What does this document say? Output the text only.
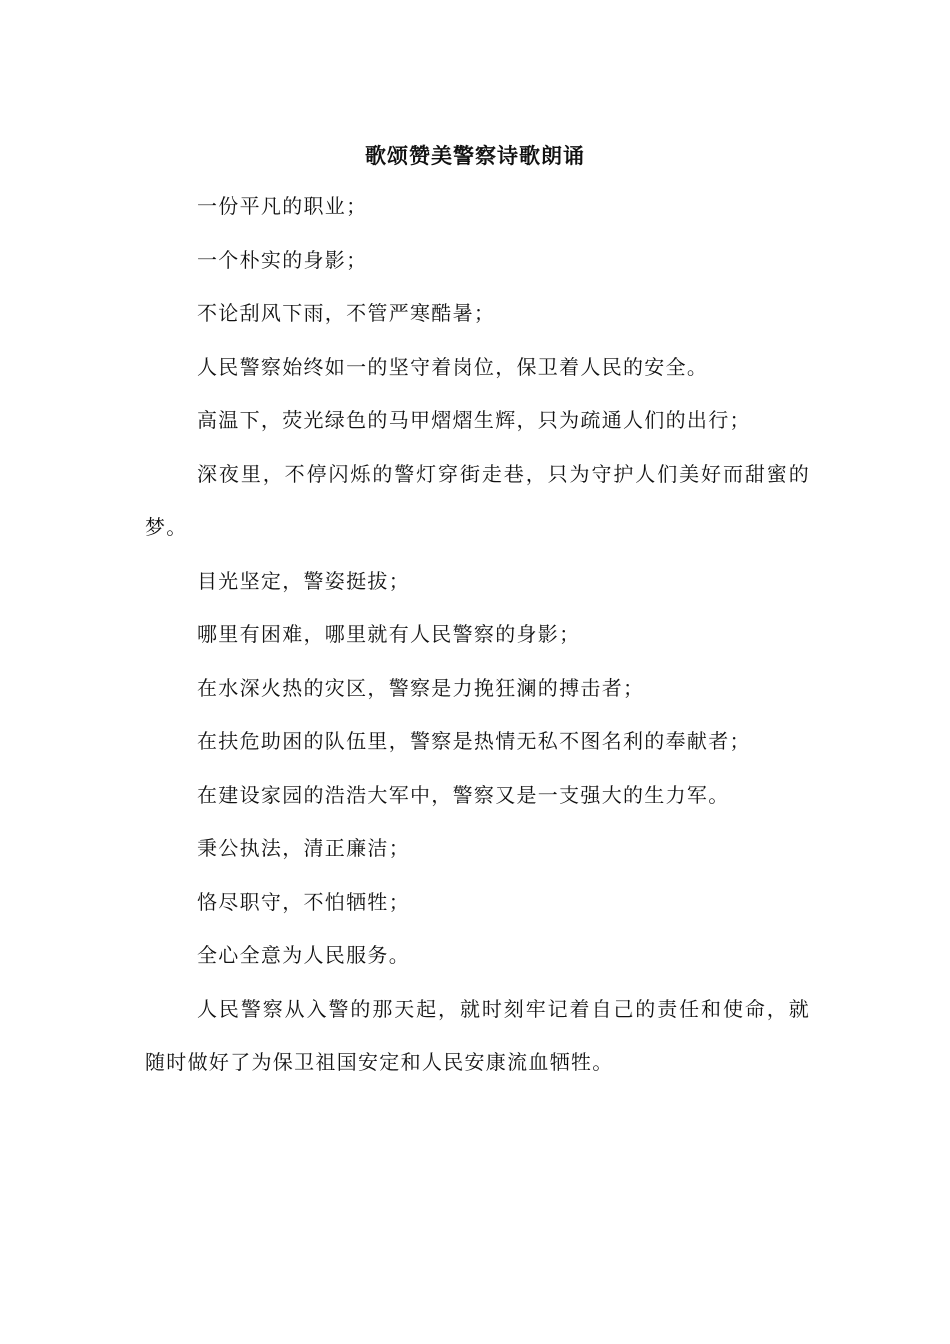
歌颂赞美警察诗歌朗诵

一份平凡的职业；

一个朴实的身影；

不论刮风下雨，不管严寒酷暑；

人民警察始终如一的坚守着岗位，保卫着人民的安全。

高温下，荧光绿色的马甲熠熠生辉，只为疏通人们的出行；

深夜里，不停闪烁的警灯穿街走巷，只为守护人们美好而甜蜜的梦。

目光坚定，警姿挺拔；

哪里有困难，哪里就有人民警察的身影；

在水深火热的灾区，警察是力挽狂澜的搏击者；

在扶危助困的队伍里，警察是热情无私不图名利的奉献者；

在建设家园的浩浩大军中，警察又是一支强大的生力军。

秉公执法，清正廉洁；

恪尽职守，不怕牺牲；

全心全意为人民服务。

人民警察从入警的那天起，就时刻牢记着自己的责任和使命，就随时做好了为保卫祖国安定和人民安康流血牺牲。
